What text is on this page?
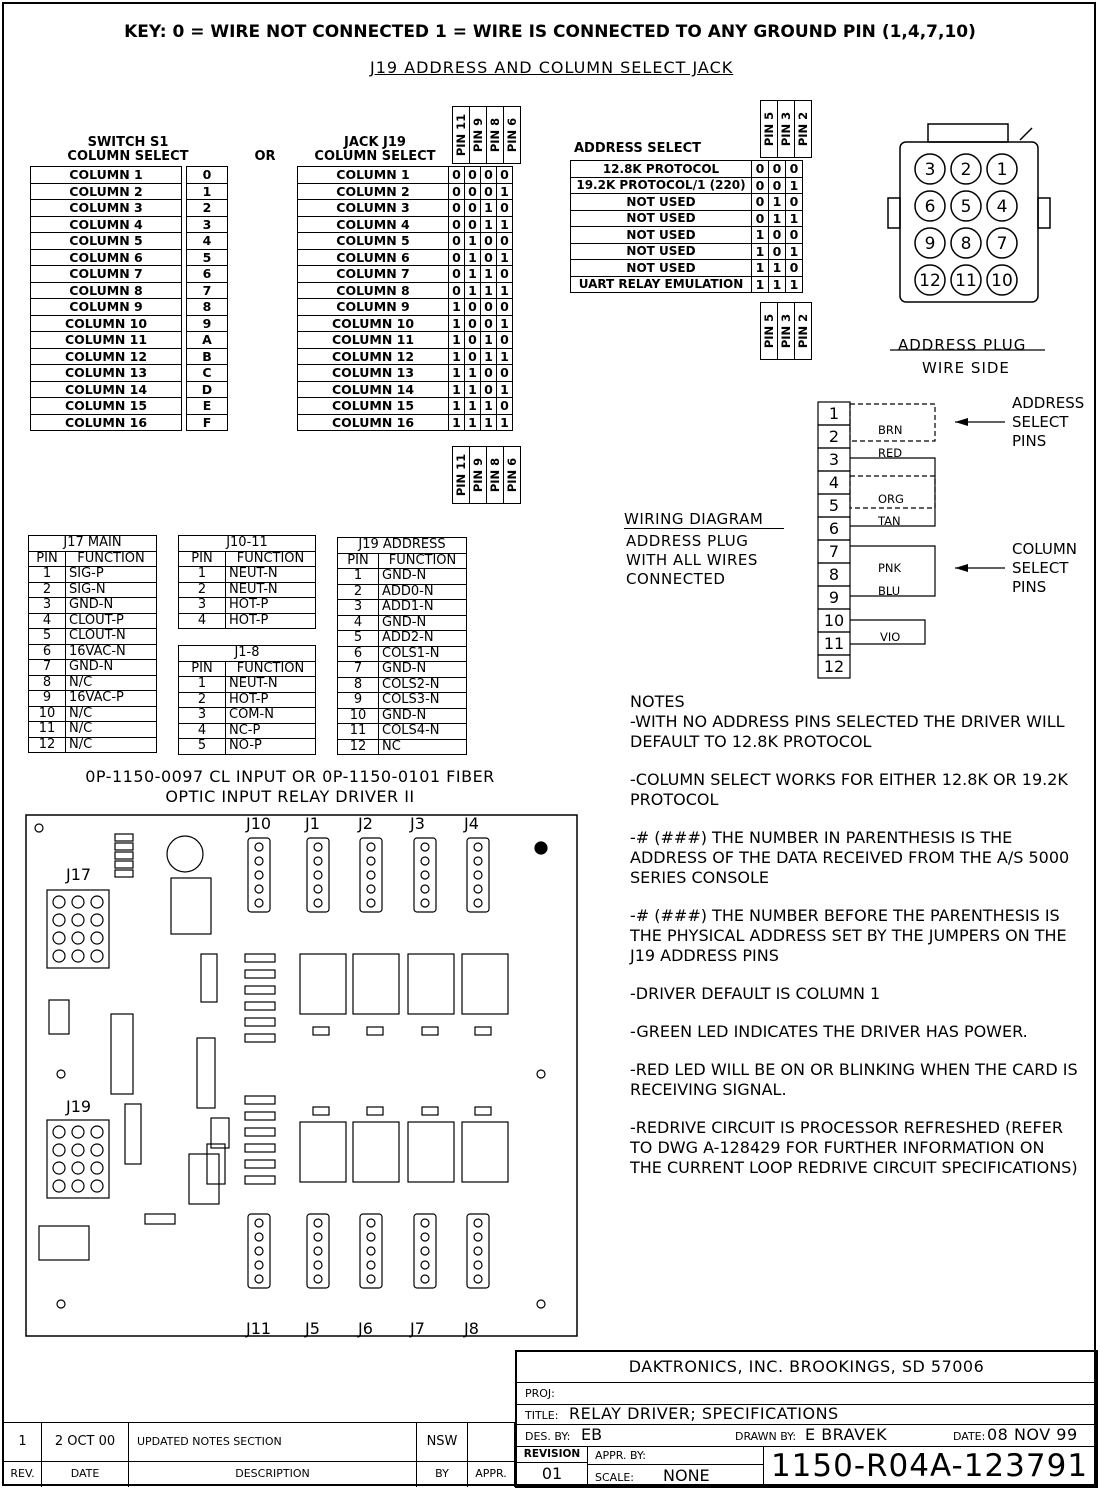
KEY: 0 = WIRE NOT CONNECTED 1 = WIRE IS CONNECTED TO ANY GROUND PIN (1,4,7,10)
J19 ADDRESS AND COLUMN SELECT JACK
SWITCH S1
COLUMN SELECT	OR
JACK J19
COLUMN SELECT
PIN 11 PIN 9 PIN 8 PIN 6
PIN 11 PIN 9 PIN 8 PIN 6
COLUMN 1		0
COLUMN 2		1
COLUMN 3		2
COLUMN 4		3
COLUMN 5		4
COLUMN 6		5
COLUMN 7		6
COLUMN 8		7
COLUMN 9		8
COLUMN 10		9
COLUMN 11		A
COLUMN 12		B
COLUMN 13		C
COLUMN 14		D
COLUMN 15		E
COLUMN 16		F
COLUMN 1	0	0	0	0
COLUMN 2	0	0	0	1
COLUMN 3	0	0	1	0
COLUMN 4	0	0	1	1
COLUMN 5	0	1	0	0
COLUMN 6	0	1	0	1
COLUMN 7	0	1	1	0
COLUMN 8	0	1	1	1
COLUMN 9	1	0	0	0
COLUMN 10	1	0	0	1
COLUMN 11	1	0	1	0
COLUMN 12	1	0	1	1
COLUMN 13	1	1	0	0
COLUMN 14	1	1	0	1
COLUMN 15	1	1	1	0
COLUMN 16	1	1	1	1
ADDRESS SELECT
PIN 5 PIN 3 PIN 2
PIN 5 PIN 3 PIN 2
12.8K PROTOCOL	0	0	0
19.2K PROTOCOL/1 (220)	0	0	1
NOT USED	0	1	0
NOT USED	0	1	1
NOT USED	1	0	0
NOT USED	1	0	1
NOT USED	1	1	0
UART RELAY EMULATION	1	1	1
3 2 1
6 5 4
9 8 7
12 11 10
ADDRESS PLUG
WIRE SIDE
WIRING DIAGRAM
ADDRESS PLUG
WITH ALL WIRES
CONNECTED
1
2
3
4
5
6
7
8
9
10
11
12
BRN
RED
ORG
TAN
PNK
BLU
VIO
ADDRESS
SELECT
PINS
COLUMN
SELECT
PINS
J17 MAIN	
PIN	FUNCTION
1	SIG-P
2	SIG-N
3	GND-N
4	CLOUT-P
5	CLOUT-N
6	16VAC-N
7	GND-N
8	N/C
9	16VAC-P
10	N/C
11	N/C
12	N/C
J10-11	
PIN	FUNCTION
1	NEUT-N
2	NEUT-N
3	HOT-P
4	HOT-P
J1-8	
PIN	FUNCTION
1	NEUT-N
2	HOT-P
3	COM-N
4	NC-P
5	NO-P
J19 ADDRESS	
PIN	FUNCTION
1	GND-N
2	ADD0-N
3	ADD1-N
4	GND-N
5	ADD2-N
6	COLS1-N
7	GND-N
8	COLS2-N
9	COLS3-N
10	GND-N
11	COLS4-N
12	NC
0P-1150-0097 CL INPUT OR 0P-1150-0101 FIBER
OPTIC INPUT RELAY DRIVER II
J10 J1 J2 J3 J4
J11 J5 J6 J7 J8
J17
J19

NOTES

-WITH NO ADDRESS PINS SELECTED THE DRIVER WILL DEFAULT TO 12.8K PROTOCOL

-COLUMN SELECT WORKS FOR EITHER 12.8K OR 19.2K PROTOCOL

-# (###) THE NUMBER IN PARENTHESIS IS THE ADDRESS OF THE DATA RECEIVED FROM THE A/S 5000 SERIES CONSOLE

-# (###) THE NUMBER BEFORE THE PARENTHESIS IS THE PHYSICAL ADDRESS SET BY THE JUMPERS ON THE J19 ADDRESS PINS

-DRIVER DEFAULT IS COLUMN 1

-GREEN LED INDICATES THE DRIVER HAS POWER.

-RED LED WILL BE ON OR BLINKING WHEN THE CARD IS RECEIVING SIGNAL.

-REDRIVE CIRCUIT IS PROCESSOR REFRESHED (REFER TO DWG A-128429 FOR FURTHER INFORMATION ON THE CURRENT LOOP REDRIVE CIRCUIT SPECIFICATIONS)

DAKTRONICS, INC. BROOKINGS, SD 57006
PROJ:
TITLE: RELAY DRIVER; SPECIFICATIONS
DES. BY: EB	DRAWN BY: E BRAVEK	DATE: 08 NOV 99
REVISION
01
APPR. BY:
SCALE: NONE 1150-R04A-123791
1	2 OCT 00	UPDATED NOTES SECTION	NSW
REV.	DATE	DESCRIPTION	BY	APPR.
